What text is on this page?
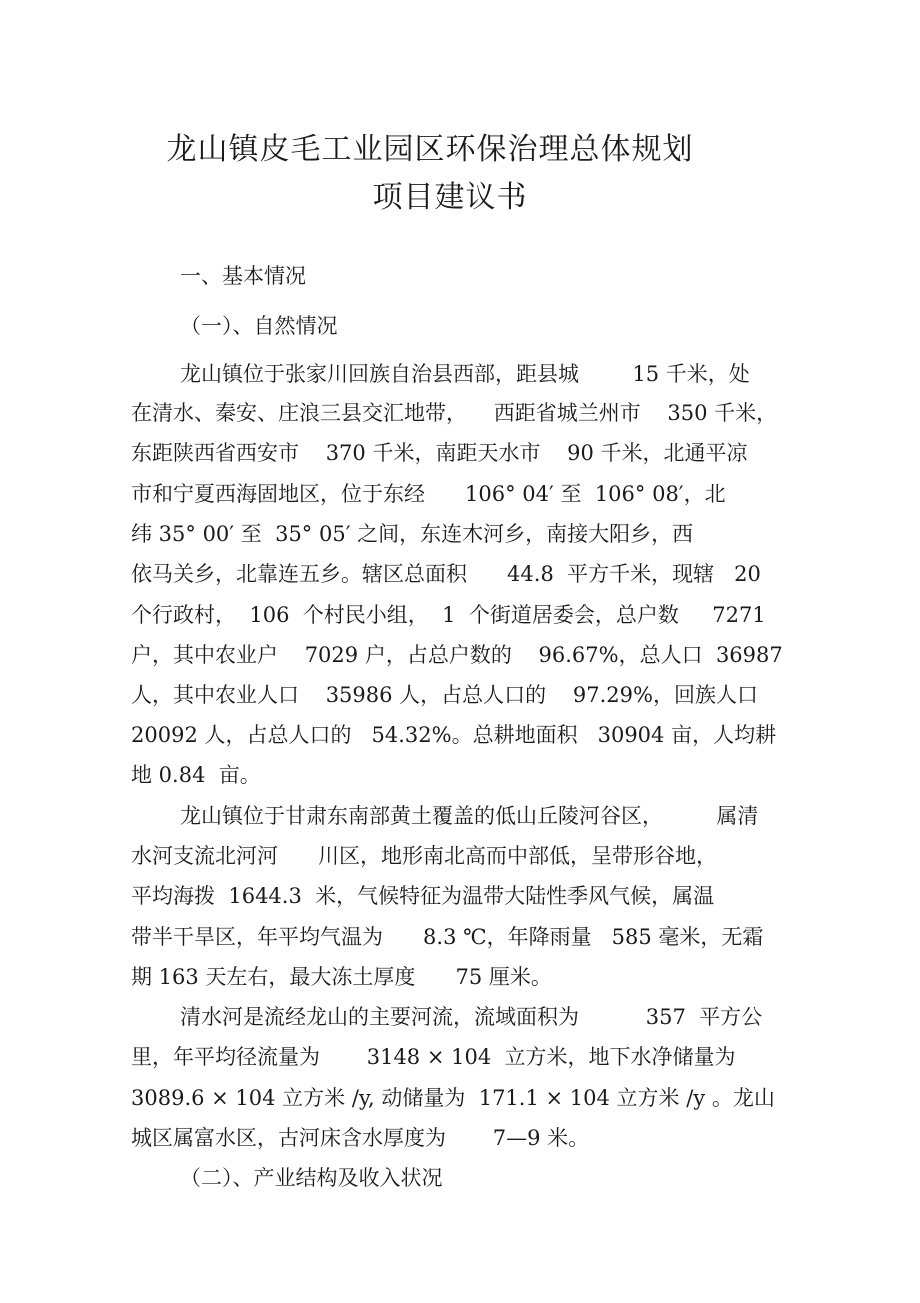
龙山镇皮毛工业园区环保治理总体规划
项目建议书
一、基本情况
（一）、自然情况
龙山镇位于张家川回族自治县西部，距县城        15 千米，处
在清水、秦安、庄浪三县交汇地带，    西距省城兰州市    350 千米，
东距陕西省西安市    370 千米，南距天水市    90 千米，北通平凉
市和宁夏西海固地区，位于东经      106° 04′ 至  106° 08′，北
纬 35° 00′ 至  35° 05′ 之间，东连木河乡，南接大阳乡，西
依马关乡，北靠连五乡。辖区总面积      44.8  平方千米，现辖   20
个行政村，  106  个村民小组，  1  个街道居委会，总户数     7271
户，其中农业户    7029 户，占总户数的    96.67%，总人口  36987
人，其中农业人口    35986 人，占总人口的    97.29%，回族人口
20092 人，占总人口的   54.32%。总耕地面积   30904 亩，人均耕
地 0.84  亩。
龙山镇位于甘肃东南部黄土覆盖的低山丘陵河谷区，        属清
水河支流北河河      川区，地形南北高而中部低，呈带形谷地，
平均海拨  1644.3  米，气候特征为温带大陆性季风气候，属温
带半干旱区，年平均气温为      8.3 ℃，年降雨量   585 毫米，无霜
期 163 天左右，最大冻土厚度      75 厘米。
清水河是流经龙山的主要河流，流域面积为          357  平方公
里，年平均径流量为       3148 × 104  立方米，地下水净储量为
3089.6 × 104 立方米 /y, 动储量为  171.1 × 104 立方米 /y 。龙山
城区属富水区，古河床含水厚度为       7—9 米。
（二）、产业结构及收入状况
